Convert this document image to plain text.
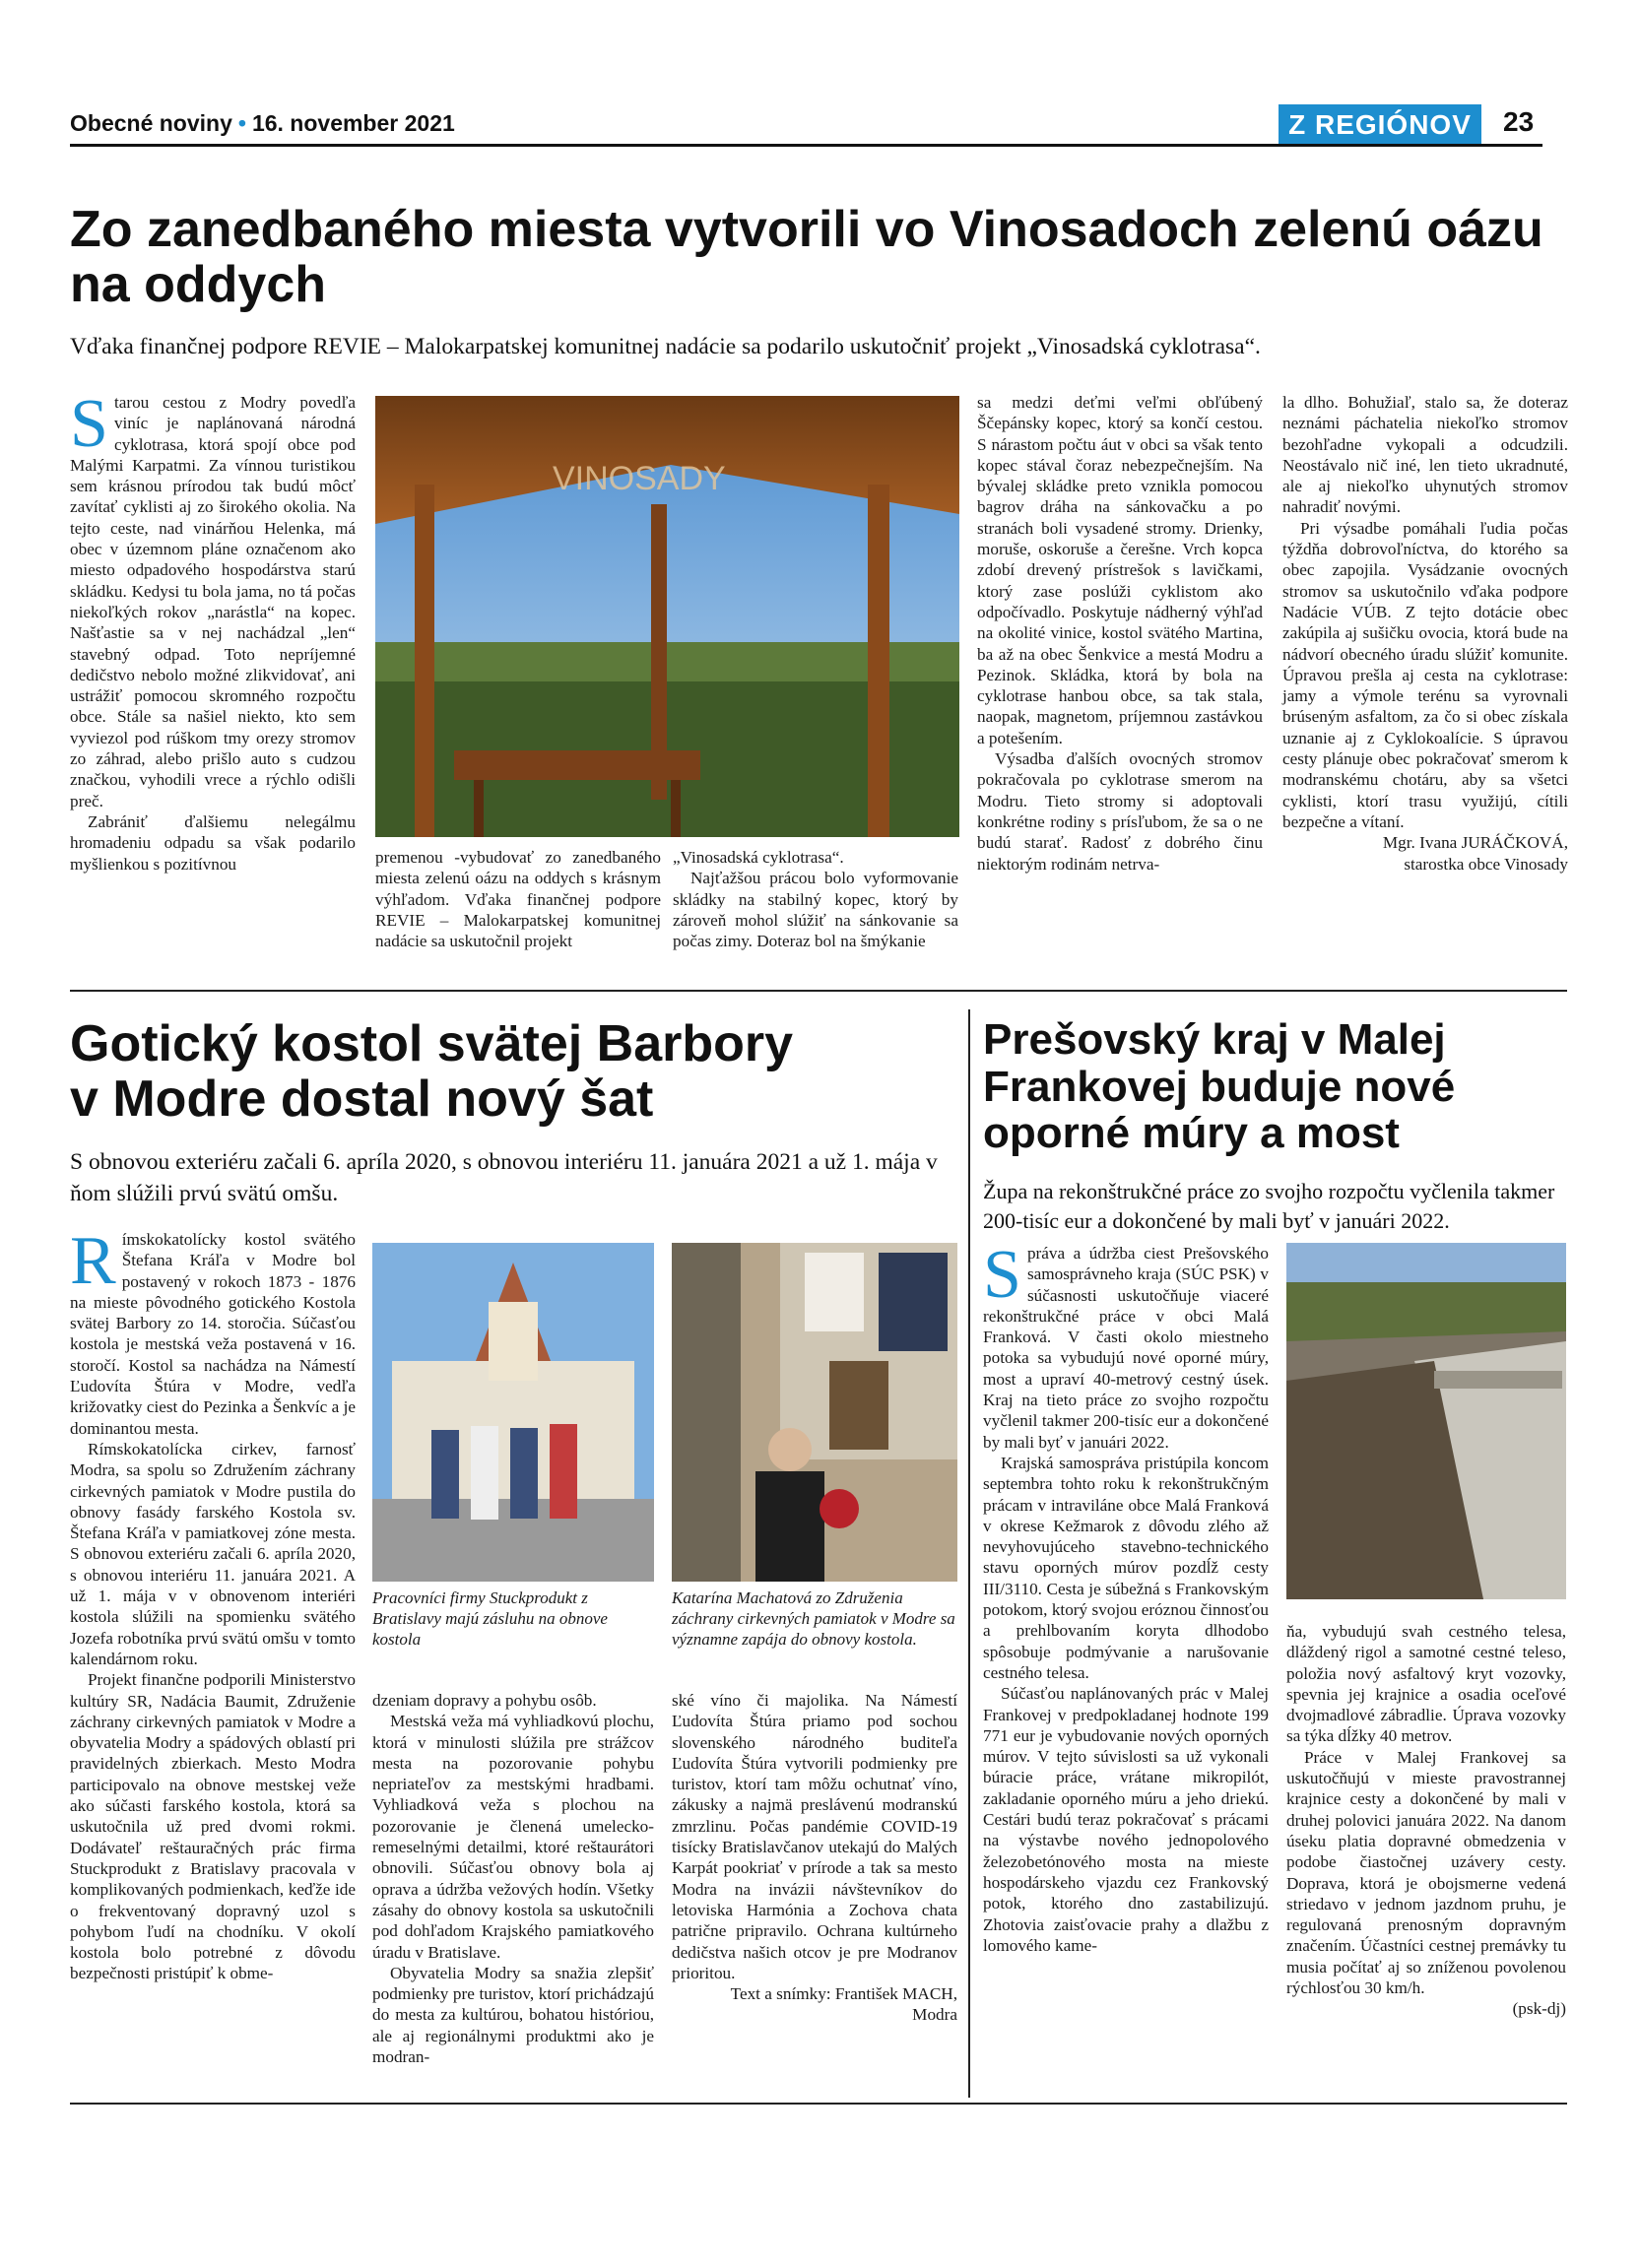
Obecné noviny • 16. november 2021	Z REGIÓNOV	23
Zo zanedbaného miesta vytvorili vo Vinosadoch zelenú oázu na oddych
Vďaka finančnej podpore REVIE – Malokarpatskej komunitnej nadácie sa podarilo uskutočniť projekt „Vinosadská cyklotrasa“.

Starou cestou z Modry povedľa viníc je naplánovaná národná cyklotrasa, ktorá spojí obce pod Malými Karpatmi. Za vínnou turistikou sem krásnou prírodou tak budú môcť zavítať cyklisti aj zo širokého okolia. Na tejto ceste, nad vinárňou Helenka, má obec v územnom pláne označenom ako miesto odpadového hospodárstva starú skládku. Kedysi tu bola jama, no tá počas niekoľkých rokov „narástla“ na kopec. Našťastie sa v nej nachádzal „len“ stavebný odpad. Toto nepríjemné dedičstvo nebolo možné zlikvidovať, ani ustrážiť pomocou skromného rozpočtu obce. Stále sa našiel niekto, kto sem vyviezol pod rúškom tmy orezy stromov zo záhrad, alebo prišlo auto s cudzou značkou, vyhodili vrece a rýchlo odišli preč.

Zabrániť ďalšiemu nelegálmu hromadeniu odpadu sa však podarilo myšlienkou s pozitívnou

VINOSADY

premenou -vybudovať zo zanedbaného miesta zelenú oázu na oddych s krásnym výhľadom. Vďaka finančnej podpore REVIE – Malokarpatskej komunitnej nadácie sa uskutočnil projekt

„Vinosadská cyklotrasa“.

Najťažšou prácou bolo vyformovanie skládky na stabilný kopec, ktorý by zároveň mohol slúžiť na sánkovanie sa počas zimy. Doteraz bol na šmýkanie

sa medzi deťmi veľmi obľúbený Ščepánsky kopec, ktorý sa končí cestou. S nárastom počtu áut v obci sa však tento kopec stával čoraz nebezpečnejším. Na bývalej skládke preto vznikla pomocou bagrov dráha na sánkovačku a po stranách boli vysadené stromy. Drienky, moruše, oskoruše a čerešne. Vrch kopca zdobí drevený prístrešok s lavičkami, ktorý zase poslúži cyklistom ako odpočívadlo. Poskytuje nádherný výhľad na okolité vinice, kostol svätého Martina, ba až na obec Šenkvice a mestá Modru a Pezinok. Skládka, ktorá by bola na cyklotrase hanbou obce, sa tak stala, naopak, magnetom, príjemnou zastávkou a potešením.

Výsadba ďalších ovocných stromov pokračovala po cyklotrase smerom na Modru. Tieto stromy si adoptovali konkrétne rodiny s prísľubom, že sa o ne budú starať. Radosť z dobrého činu niektorým rodinám netrva-

la dlho. Bohužiaľ, stalo sa, že doteraz neznámi páchatelia niekoľko stromov bezohľadne vykopali a odcudzili. Neostávalo nič iné, len tieto ukradnuté, ale aj niekoľko uhynutých stromov nahradiť novými.

Pri výsadbe pomáhali ľudia počas týždňa dobrovoľníctva, do ktorého sa obec zapojila. Vysádzanie ovocných stromov sa uskutočnilo vďaka podpore Nadácie VÚB. Z tejto dotácie obec zakúpila aj sušičku ovocia, ktorá bude na nádvorí obecného úradu slúžiť komunite. Úpravou prešla aj cesta na cyklotrase: jamy a výmole terénu sa vyrovnali brúseným asfaltom, za čo si obec získala uznanie aj z Cyklokoalície. S úpravou cesty plánuje obec pokračovať smerom k modranskému chotáru, aby sa všetci cyklisti, ktorí trasu využijú, cítili bezpečne a vítaní.

Mgr. Ivana JURÁČKOVÁ,
starostka obce Vinosady
Gotický kostol svätej Barbory
v Modre dostal nový šat
S obnovou exteriéru začali 6. apríla 2020, s obnovou interiéru 11. januára 2021 a už 1. mája v ňom slúžili prvú svätú omšu.

Rímskokatolícky kostol svätého Štefana Kráľa v Modre bol postavený v rokoch 1873 - 1876 na mieste pôvodného gotického Kostola svätej Barbory zo 14. storočia. Súčasťou kostola je mestská veža postavená v 16. storočí. Kostol sa nachádza na Námestí Ľudovíta Štúra v Modre, vedľa križovatky ciest do Pezinka a Šenkvíc a je dominantou mesta.

Rímskokatolícka cirkev, farnosť Modra, sa spolu so Združením záchrany cirkevných pamiatok v Modre pustila do obnovy fasády farského Kostola sv. Štefana Kráľa v pamiatkovej zóne mesta. S obnovou exteriéru začali 6. apríla 2020, s obnovou interiéru 11. januára 2021. A už 1. mája v v obnovenom interiéri kostola slúžili na spomienku svätého Jozefa robotníka prvú svätú omšu v tomto kalendárnom roku.

Projekt finančne podporili Ministerstvo kultúry SR, Nadácia Baumit, Združenie záchrany cirkevných pamiatok v Modre a obyvatelia Modry a spádových oblastí pri pravidelných zbierkach. Mesto Modra participovalo na obnove mestskej veže ako súčasti farského kostola, ktorá sa uskutočnila už pred dvomi rokmi. Dodávateľ reštauračných prác firma Stuckprodukt z Bratislavy pracovala v komplikovaných podmienkach, keďže ide o frekventovaný dopravný uzol s pohybom ľudí na chodníku. V okolí kostola bolo potrebné z dôvodu bezpečnosti pristúpiť k obme-

Pracovníci firmy Stuckprodukt z Bratislavy majú zásluhu na obnove kostola
Katarína Machatová zo Združenia záchrany cirkevných pamiatok v Modre sa významne zapája do obnovy kostola.

dzeniam dopravy a pohybu osôb.

Mestská veža má vyhliadkovú plochu, ktorá v minulosti slúžila pre strážcov mesta na pozorovanie pohybu nepriateľov za mestskými hradbami. Vyhliadková veža s plochou na pozorovanie je členená umelecko-remeselnými detailmi, ktoré reštaurátori obnovili. Súčasťou obnovy bola aj oprava a údržba vežových hodín. Všetky zásahy do obnovy kostola sa uskutočnili pod dohľadom Krajského pamiatkového úradu v Bratislave.

Obyvatelia Modry sa snažia zlepšiť podmienky pre turistov, ktorí prichádzajú do mesta za kultúrou, bohatou históriou, ale aj regionálnymi produktmi ako je modran-

ské víno či majolika. Na Námestí Ľudovíta Štúra priamo pod sochou slovenského národného buditeľa Ľudovíta Štúra vytvorili podmienky pre turistov, ktorí tam môžu ochutnať víno, zákusky a najmä preslávenú modranskú zmrzlinu. Počas pandémie COVID-19 tisícky Bratislavčanov utekajú do Malých Karpát pookriať v prírode a tak sa mesto Modra na invázii návštevníkov do letoviska Harmónia a Zochova chata patrične pripravilo. Ochrana kultúrneho dedičstva našich otcov je pre Modranov prioritou.

Text a snímky: František MACH,
Modra
Prešovský kraj v Malej
Frankovej buduje nové
oporné múry a most
Župa na rekonštrukčné práce zo svojho rozpočtu vyčlenila takmer 200-tisíc eur a dokončené by mali byť v januári 2022.

Správa a údržba ciest Prešovského samosprávneho kraja (SÚC PSK) v súčasnosti uskutočňuje viaceré rekonštrukčné práce v obci Malá Franková. V časti okolo miestneho potoka sa vybudujú nové oporné múry, most a upraví 40-metrový cestný úsek. Kraj na tieto práce zo svojho rozpočtu vyčlenil takmer 200-tisíc eur a dokončené by mali byť v januári 2022.

Krajská samospráva pristúpila koncom septembra tohto roku k rekonštrukčným prácam v intraviláne obce Malá Franková v okrese Kežmarok z dôvodu zlého až nevyhovujúceho stavebno-technického stavu oporných múrov pozdĺž cesty III/3110. Cesta je súbežná s Frankovským potokom, ktorý svojou eróznou činnosťou a prehlbovaním koryta dlhodobo spôsobuje podmývanie a narušovanie cestného telesa.

Súčasťou naplánovaných prác v Malej Frankovej v predpokladanej hodnote 199 771 eur je vybudovanie nových oporných múrov. V tejto súvislosti sa už vykonali búracie práce, vrátane mikropilót, zakladanie oporného múru a jeho driekú. Cestári budú teraz pokračovať s prácami na výstavbe nového jednopolového železobetónového mosta na mieste hospodárskeho vjazdu cez Frankovský potok, ktorého dno zastabilizujú. Zhotovia zaisťovacie prahy a dlažbu z lomového kame-

ňa, vybudujú svah cestného telesa, dláždený rigol a samotné cestné teleso, položia nový asfaltový kryt vozovky, spevnia jej krajnice a osadia oceľové dvojmadlové zábradlie. Úprava vozovky sa týka dĺžky 40 metrov.

Práce v Malej Frankovej sa uskutočňujú v mieste pravostrannej krajnice cesty a dokončené by mali v druhej polovici januára 2022. Na danom úseku platia dopravné obmedzenia v podobe čiastočnej uzávery cesty. Doprava, ktorá je obojsmerne vedená striedavo v jednom jazdnom pruhu, je regulovaná prenosným dopravným značením. Účastníci cestnej premávky tu musia počítať aj so zníženou povolenou rýchlosťou 30 km/h.

(psk-dj)
